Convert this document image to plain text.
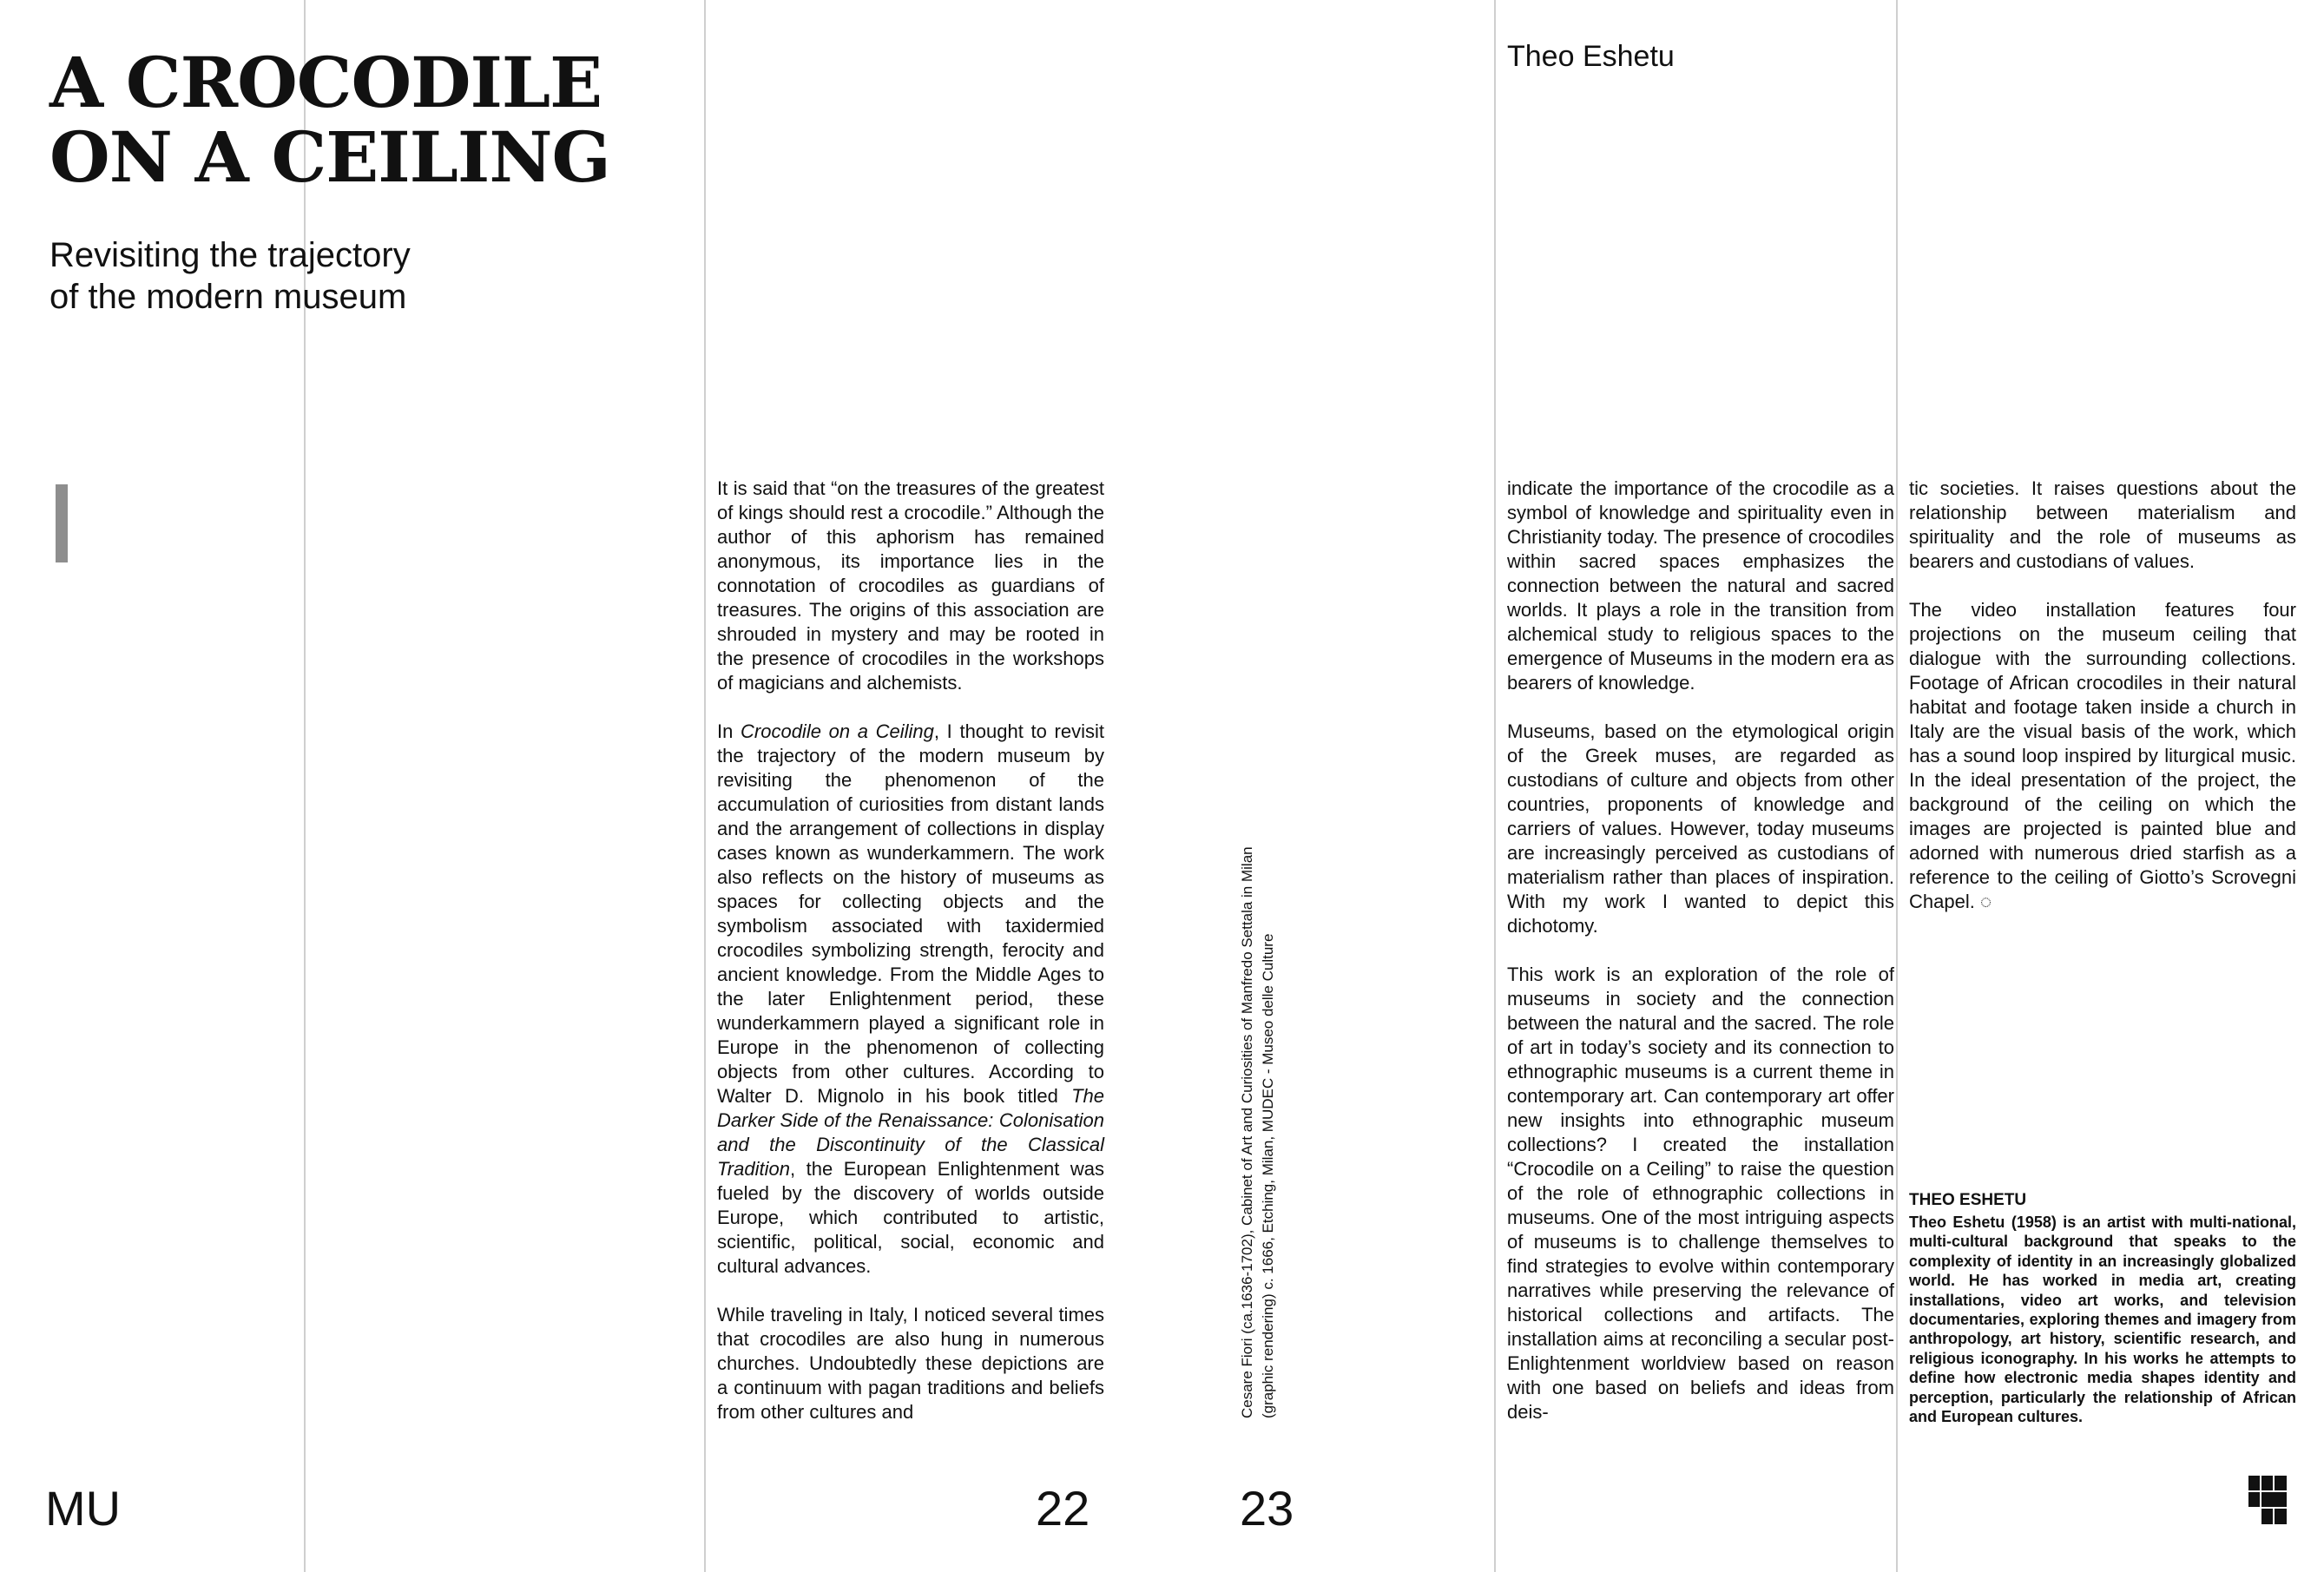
A CROCODILE
ON A CEILING
Revisiting the trajectory
of the modern museum
Theo Eshetu

It is said that “on the treasures of the greatest of kings should rest a crocodile.” Although the author of this aphorism has remained anonymous, its importance lies in the connotation of crocodiles as guardians of treasures. The origins of this association are shrouded in mystery and may be rooted in the presence of crocodiles in the workshops of magicians and alchemists.

In Crocodile on a Ceiling, I thought to revisit the trajectory of the modern museum by revisiting the phenomenon of the accumulation of curiosities from distant lands and the arrangement of collections in display cases known as wunderkammern. The work also reflects on the history of museums as spaces for collecting objects and the symbolism associated with taxidermied crocodiles symbolizing strength, ferocity and ancient knowledge. From the Middle Ages to the later Enlightenment period, these wunderkammern played a significant role in Europe in the phenomenon of collecting objects from other cultures. According to Walter D. Mignolo in his book titled The Darker Side of the Renaissance: Colonisation and the Discontinuity of the Classical Tradition, the European Enlightenment was fueled by the discovery of worlds outside Europe, which contributed to artistic, scientific, political, social, economic and cultural advances.

While traveling in Italy, I noticed several times that crocodiles are also hung in numerous churches. Undoubtedly these depictions are a continuum with pagan traditions and beliefs from other cultures and

indicate the importance of the crocodile as a symbol of knowledge and spirituality even in Christianity today. The presence of crocodiles within sacred spaces emphasizes the connection between the natural and sacred worlds. It plays a role in the transition from alchemical study to religious spaces to the emergence of Museums in the modern era as bearers of knowledge.

Museums, based on the etymological origin of the Greek muses, are regarded as custodians of culture and objects from other countries, proponents of knowledge and carriers of values. However, today museums are increasingly perceived as custodians of materialism rather than places of inspiration. With my work I wanted to depict this dichotomy.

This work is an exploration of the role of museums in society and the connection between the natural and the sacred. The role of art in today’s society and its connection to ethnographic museums is a current theme in contemporary art. Can contemporary art offer new insights into ethnographic museum collections? I created the installation “Crocodile on a Ceiling” to raise the question of the role of ethnographic collections in museums. One of the most intriguing aspects of museums is to challenge themselves to find strategies to evolve within contemporary narratives while preserving the relevance of historical collections and artifacts. The installation aims at reconciling a secular post-Enlightenment worldview based on reason with one based on beliefs and ideas from deis-

tic societies. It raises questions about the relationship between materialism and spirituality and the role of museums as bearers and custodians of values.

The video installation features four projections on the museum ceiling that dialogue with the surrounding collections. Footage of African crocodiles in their natural habitat and footage taken inside a church in Italy are the visual basis of the work, which has a sound loop inspired by liturgical music. In the ideal presentation of the project, the background of the ceiling on which the images are projected is painted blue and adorned with numerous dried starfish as a reference to the ceiling of Giotto’s Scrovegni Chapel. ◌

Cesare Fiori (ca.1636-1702), Cabinet of Art and Curiosities of Manfredo Settala in Milan (graphic rendering) c. 1666, Etching, Milan, MUDEC - Museo delle Culture	THEO ESHETU

Theo Eshetu (1958) is an artist with multi-national, multi-cultural background that speaks to the complexity of identity in an increasingly globalized world. He has worked in media art, creating installations, video art works, and television documentaries, exploring themes and imagery from anthropology, art history, scientific research, and religious iconography. In his works he attempts to define how electronic media shapes identity and perception, particularly the relationship of African and European cultures.

MU	22	23
